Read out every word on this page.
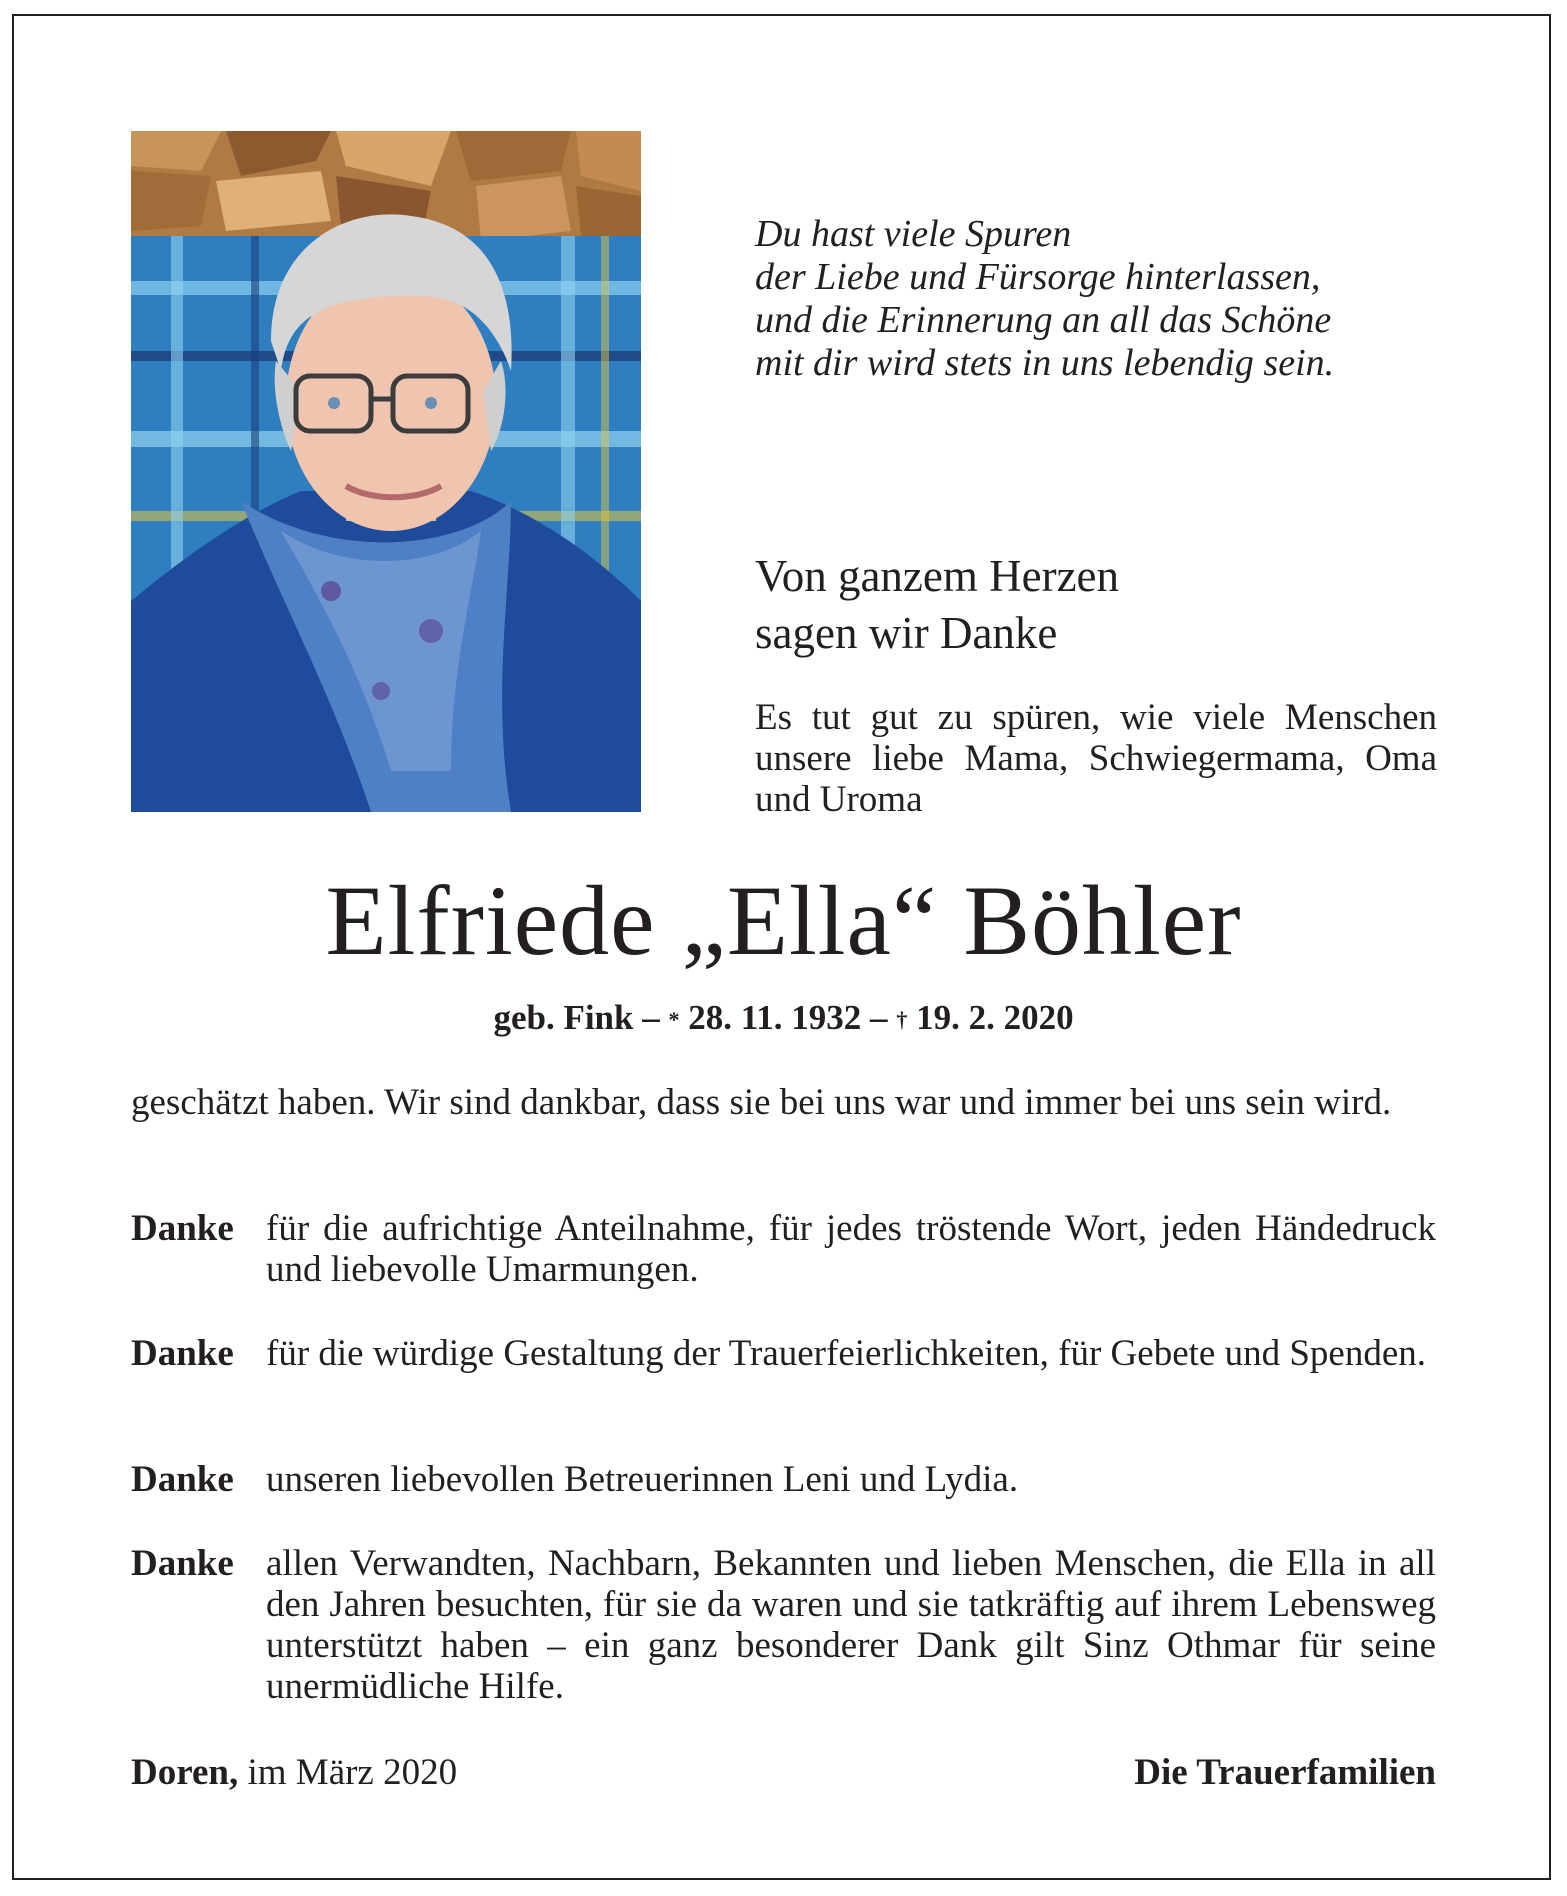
Du hast viele Spuren
der Liebe und Fürsorge hinterlassen,
und die Erinnerung an all das Schöne
mit dir wird stets in uns lebendig sein.
Von ganzem Herzen
sagen wir Danke
Es tut gut zu spüren, wie viele Menschen unsere liebe Mama, Schwiegermama, Oma und Uroma
Elfriede „Ella“ Böhler
geb. Fink – * 28. 11. 1932 – † 19. 2. 2020
geschätzt haben. Wir sind dankbar, dass sie bei uns war und immer bei uns sein wird.
Danke für die aufrichtige Anteilnahme, für jedes tröstende Wort, jeden Händedruck und liebevolle Umarmungen.
Danke für die würdige Gestaltung der Trauerfeierlichkeiten, für Gebete und Spenden.
Danke unseren liebevollen Betreuerinnen Leni und Lydia.
Danke allen Verwandten, Nachbarn, Bekannten und lieben Menschen, die Ella in all den Jahren besuchten, für sie da waren und sie tatkräftig auf ihrem Lebensweg unterstützt haben – ein ganz besonderer Dank gilt Sinz Othmar für seine unermüdliche Hilfe.
Doren, im März 2020	Die Trauerfamilien
